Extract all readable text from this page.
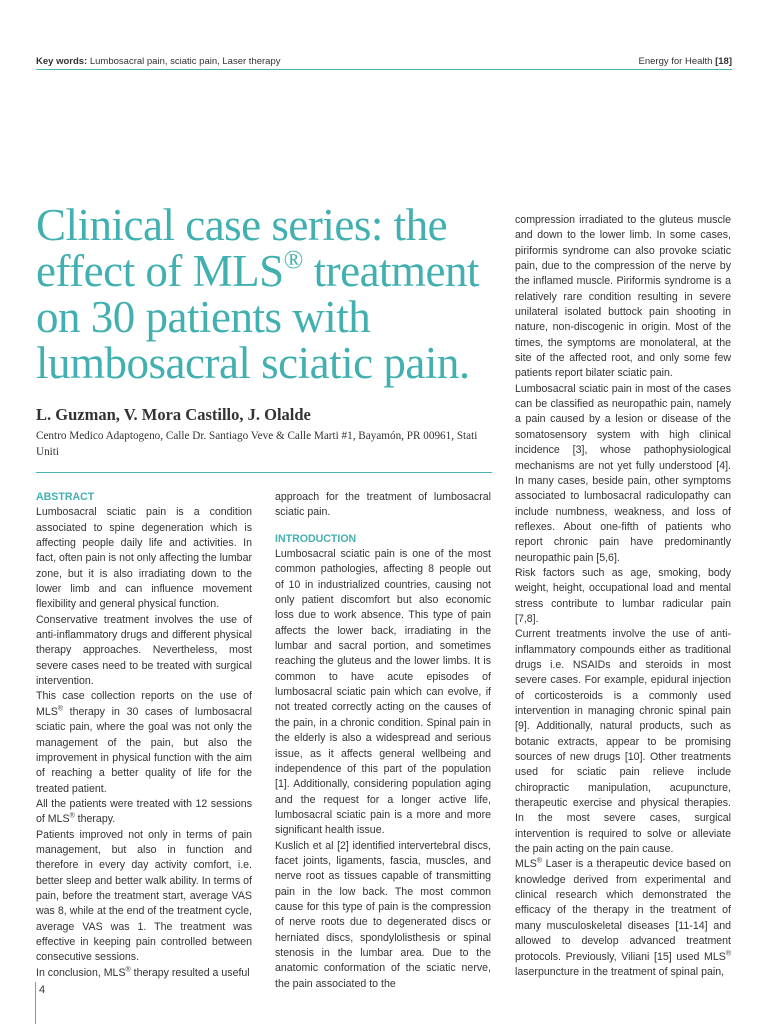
Key words: Lumbosacral pain, sciatic pain, Laser therapy	Energy for Health [18]
Clinical case series: the effect of MLS® treatment on 30 patients with lumbosacral sciatic pain.
L. Guzman, V. Mora Castillo, J. Olalde
Centro Medico Adaptogeno, Calle Dr. Santiago Veve & Calle Marti #1, Bayamón, PR 00961, Stati Uniti

ABSTRACT

Lumbosacral sciatic pain is a condition associated to spine degeneration which is affecting people daily life and activities. In fact, often pain is not only affecting the lumbar zone, but it is also irradiating down to the lower limb and can influence movement flexibility and general physical function.

Conservative treatment involves the use of anti-inflammatory drugs and different physical therapy approaches. Nevertheless, most severe cases need to be treated with surgical intervention.

This case collection reports on the use of MLS® therapy in 30 cases of lumbosacral sciatic pain, where the goal was not only the management of the pain, but also the improvement in physical function with the aim of reaching a better quality of life for the treated patient.

All the patients were treated with 12 sessions of MLS® therapy.

Patients improved not only in terms of pain management, but also in function and therefore in every day activity comfort, i.e. better sleep and better walk ability. In terms of pain, before the treatment start, average VAS was 8, while at the end of the treatment cycle, average VAS was 1. The treatment was effective in keeping pain controlled between consecutive sessions.

In conclusion, MLS® therapy resulted a useful

approach for the treatment of lumbosacral sciatic pain.

INTRODUCTION

Lumbosacral sciatic pain is one of the most common pathologies, affecting 8 people out of 10 in industrialized countries, causing not only patient discomfort but also economic loss due to work absence. This type of pain affects the lower back, irradiating in the lumbar and sacral portion, and sometimes reaching the gluteus and the lower limbs. It is common to have acute episodes of lumbosacral sciatic pain which can evolve, if not treated correctly acting on the causes of the pain, in a chronic condition. Spinal pain in the elderly is also a widespread and serious issue, as it affects general wellbeing and independence of this part of the population [1]. Additionally, considering population aging and the request for a longer active life, lumbosacral sciatic pain is a more and more significant health issue.

Kuslich et al [2] identified intervertebral discs, facet joints, ligaments, fascia, muscles, and nerve root as tissues capable of transmitting pain in the low back. The most common cause for this type of pain is the compression of nerve roots due to degenerated discs or herniated discs, spondylolisthesis or spinal stenosis in the lumbar area. Due to the anatomic conformation of the sciatic nerve, the pain associated to the

compression irradiated to the gluteus muscle and down to the lower limb. In some cases, piriformis syndrome can also provoke sciatic pain, due to the compression of the nerve by the inflamed muscle. Piriformis syndrome is a relatively rare condition resulting in severe unilateral isolated buttock pain shooting in nature, non-discogenic in origin. Most of the times, the symptoms are monolateral, at the site of the affected root, and only some few patients report bilater sciatic pain.

Lumbosacral sciatic pain in most of the cases can be classified as neuropathic pain, namely a pain caused by a lesion or disease of the somatosensory system with high clinical incidence [3], whose pathophysiological mechanisms are not yet fully understood [4]. In many cases, beside pain, other symptoms associated to lumbosacral radiculopathy can include numbness, weakness, and loss of reflexes. About one-fifth of patients who report chronic pain have predominantly neuropathic pain [5,6].

Risk factors such as age, smoking, body weight, height, occupational load and mental stress contribute to lumbar radicular pain [7,8].

Current treatments involve the use of anti-inflammatory compounds either as traditional drugs i.e. NSAIDs and steroids in most severe cases. For example, epidural injection of corticosteroids is a commonly used intervention in managing chronic spinal pain [9]. Additionally, natural products, such as botanic extracts, appear to be promising sources of new drugs [10]. Other treatments used for sciatic pain relieve include chiropractic manipulation, acupuncture, therapeutic exercise and physical therapies. In the most severe cases, surgical intervention is required to solve or alleviate the pain acting on the pain cause.

MLS® Laser is a therapeutic device based on knowledge derived from experimental and clinical research which demonstrated the efficacy of the therapy in the treatment of many musculoskeletal diseases [11-14] and allowed to develop advanced treatment protocols. Previously, Viliani [15] used MLS® laserpuncture in the treatment of spinal pain,

4
